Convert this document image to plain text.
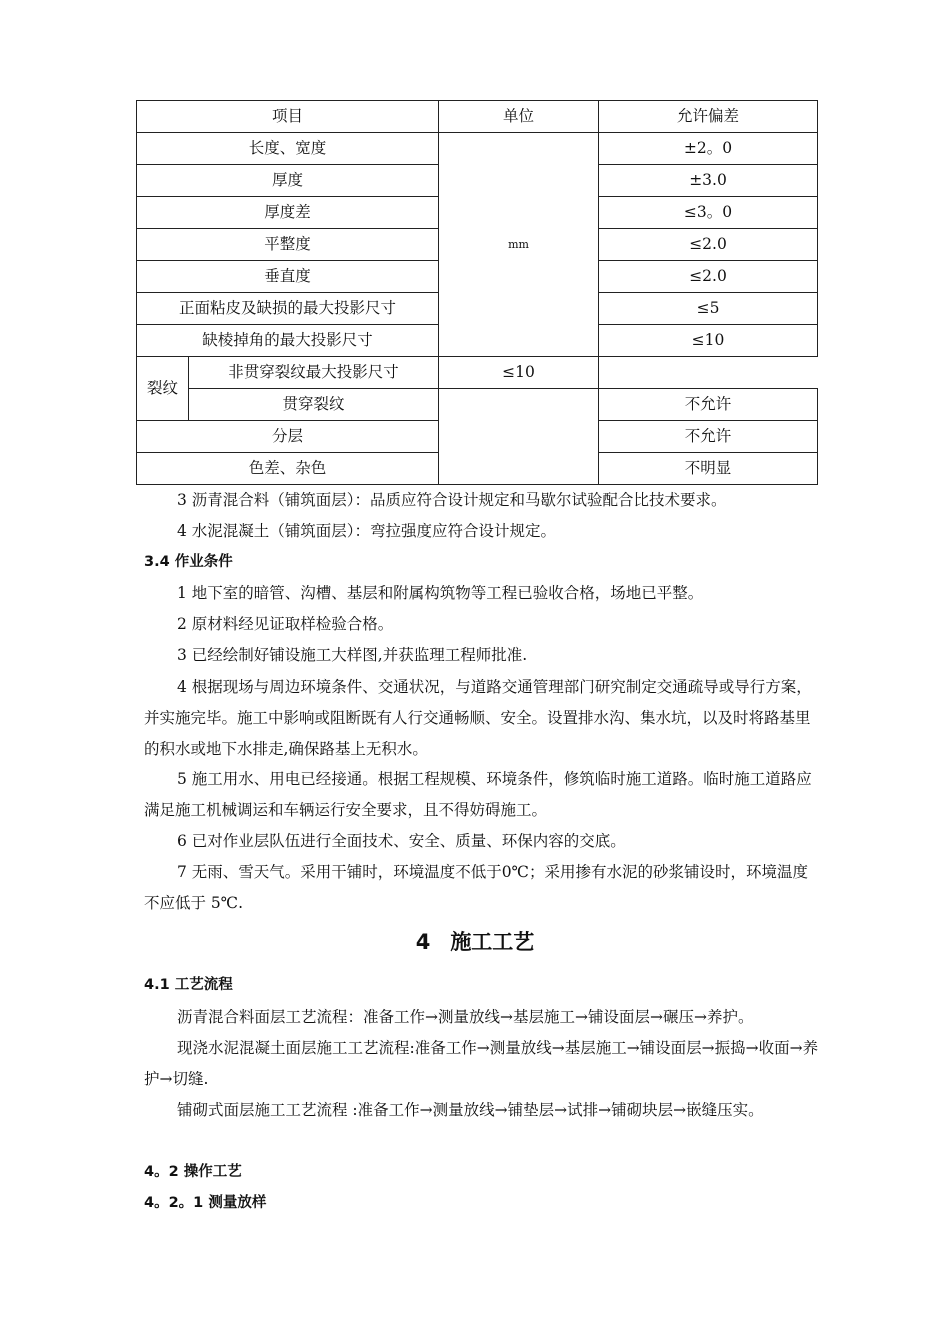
项目		单位	允许偏差
长度、宽度		mm	±2。0
厚度			±3.0
厚度差			≤3。0
平整度			≤2.0
垂直度			≤2.0
正面粘皮及缺损的最大投影尺寸			≤5
缺棱掉角的最大投影尺寸			≤10
裂纹	非贯穿裂纹最大投影尺寸	≤10	
	贯穿裂纹		不允许
分层			不允许
色差、杂色			不明显

3 沥青混合料（铺筑面层）：品质应符合设计规定和马歇尔试验配合比技术要求。

4 水泥混凝土（铺筑面层）：弯拉强度应符合设计规定。

3.4 作业条件

1 地下室的暗管、沟槽、基层和附属构筑物等工程已验收合格，场地已平整。

2 原材料经见证取样检验合格。

3 已经绘制好铺设施工大样图,并获监理工程师批准.

4 根据现场与周边环境条件、交通状况，与道路交通管理部门研究制定交通疏导或导行方案，并实施完毕。施工中影响或阻断既有人行交通畅顺、安全。设置排水沟、集水坑，以及时将路基里的积水或地下水排走,确保路基上无积水。

5 施工用水、用电已经接通。根据工程规模、环境条件，修筑临时施工道路。临时施工道路应满足施工机械调运和车辆运行安全要求，且不得妨碍施工。

6 已对作业层队伍进行全面技术、安全、质量、环保内容的交底。

7 无雨、雪天气。采用干铺时，环境温度不低于0℃；采用掺有水泥的砂浆铺设时，环境温度不应低于 5℃.

4 施工工艺

4.1 工艺流程

沥青混合料面层工艺流程：准备工作→测量放线→基层施工→铺设面层→碾压→养护。

现浇水泥混凝土面层施工工艺流程:准备工作→测量放线→基层施工→铺设面层→振捣→收面→养护→切缝.

铺砌式面层施工工艺流程 :准备工作→测量放线→铺垫层→试排→铺砌块层→嵌缝压实。

4。2 操作工艺

4。2。1 测量放样
